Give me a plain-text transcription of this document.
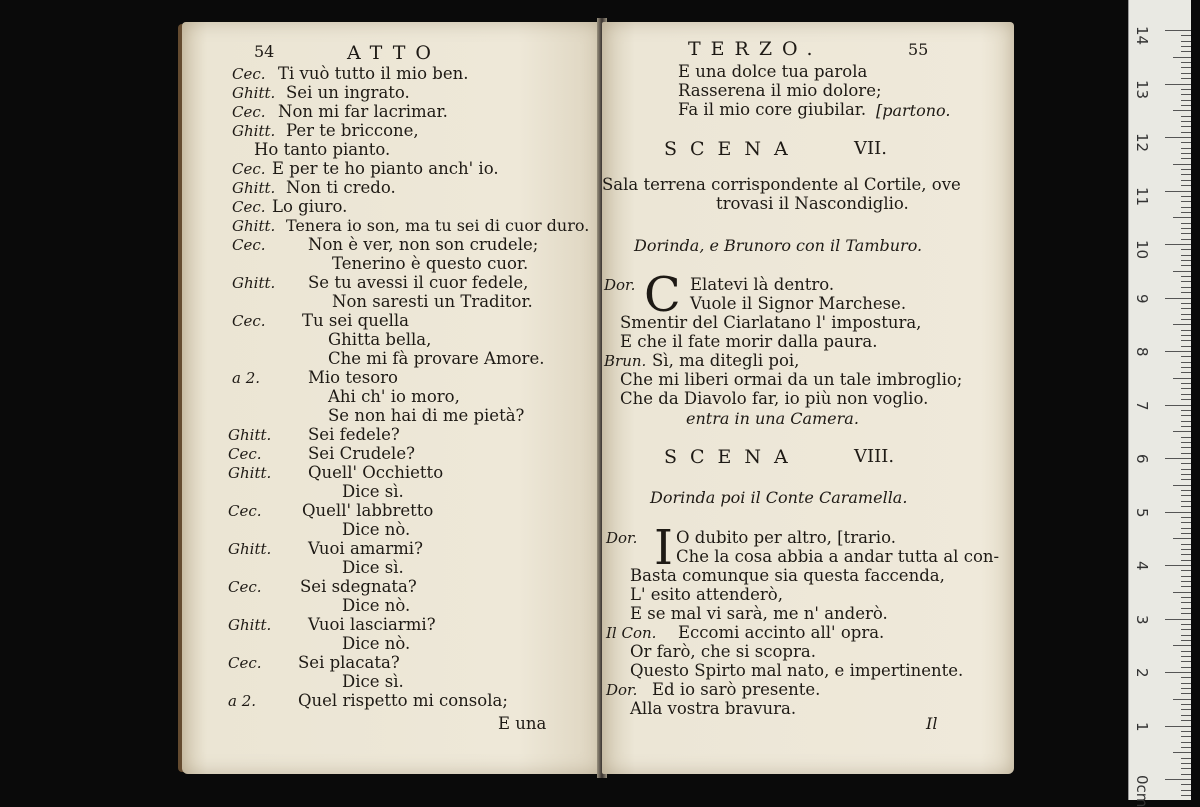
54	ATTO
Cec. Ti vuò tutto il mio ben.
Ghitt. Sei un ingrato.
Cec. Non mi far lacrimar.
Ghitt. Per te briccone,
Ho tanto pianto.
Cec. E per te ho pianto anch' io.
Ghitt. Non ti credo.
Cec. Lo giuro.
Ghitt. Tenera io son, ma tu sei di cuor duro.
Cec.	Non è ver, non son crudele;
Tenerino è questo cuor.
Ghitt. Se tu avessi il cuor fedele,
Non saresti un Traditor.
Cec. Tu sei quella
Ghitta bella,
Che mi fà provare Amore.
a 2.	Mio tesoro
Ahi ch' io moro,
Se non hai di me pietà?
Ghitt. Sei fedele?
Cec.	Sei Crudele?
Ghitt. Quell' Occhietto
Dice sì.
Cec. Quell' labbretto
Dice nò.
Ghitt. Vuoi amarmi?
Dice sì.
Cec. Sei sdegnata?
Dice nò.
Ghitt. Vuoi lasciarmi?
Dice nò.
Cec. Sei placata?
Dice sì.
a 2.	Quel rispetto mi consola;
E una
TERZO.	55
E una dolce tua parola
Rasserena il mio dolore;
Fa il mio core giubilar. [partono.
SCENA	VII.
Sala terrena corrispondente al Cortile, ove
trovasi il Nascondiglio.
Dorinda, e Brunoro con il Tamburo.
Dor. C Elatevi là dentro.
Vuole il Signor Marchese.
Smentir del Ciarlatano l' impostura,
E che il fate morir dalla paura.
Brun. Sì, ma ditegli poi,
Che mi liberi ormai da un tale imbroglio;
Che da Diavolo far, io più non voglio.
entra in una Camera.
SCENA	VIII.
Dorinda poi il Conte Caramella.
Dor. I O dubito per altro, [trario.
Che la cosa abbia a andar tutta al con-
Basta comunque sia questa faccenda,
L' esito attenderò,
E se mal vi sarà, me n' anderò.
Il Con. Eccomi accinto all' opra.
Or farò, che si scopra.
Questo Spirto mal nato, e impertinente.
Dor. Ed io sarò presente.
Alla vostra bravura.
Il
14
13
12
11
10
9
8
7
6
5
4
3
2
1
0cm
